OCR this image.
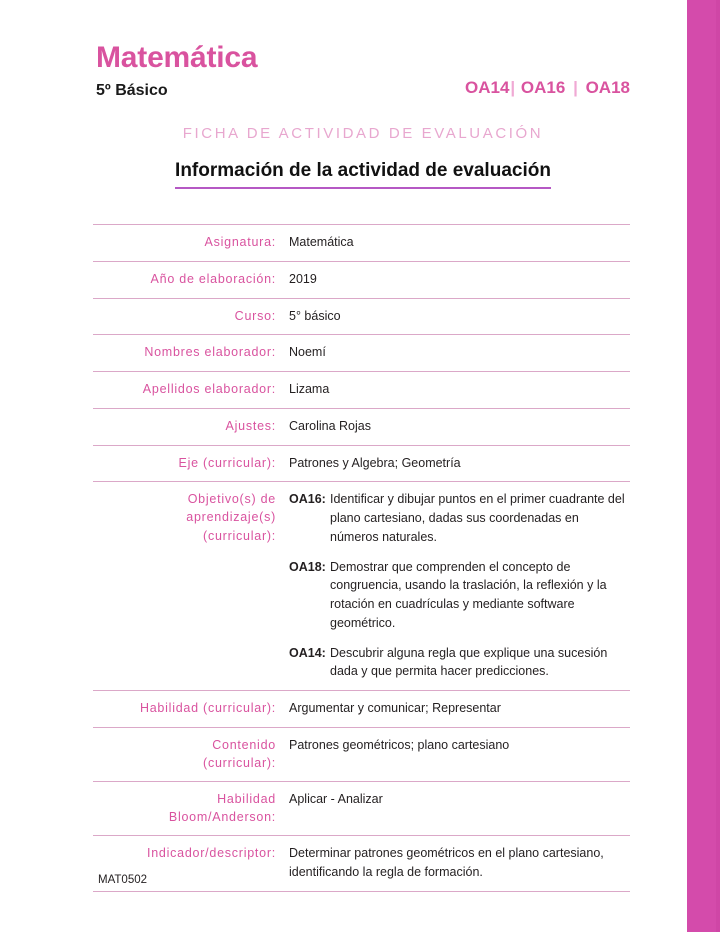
Matemática
5º Básico	OA14| OA16 | OA18
FICHA DE ACTIVIDAD DE EVALUACIÓN
Información de la actividad de evaluación
Asignatura:	Matemática
Año de elaboración:	2019
Curso:	5° básico
Nombres elaborador:	Noemí
Apellidos elaborador:	Lizama
Ajustes:	Carolina Rojas
Eje (curricular):	Patrones y Algebra; Geometría

Objetivo(s) de
aprendizaje(s)
(curricular):

OA16: Identificar y dibujar puntos en el primer cuadrante del plano cartesiano, dadas sus coordenadas en números naturales.
OA18: Demostrar que comprenden el concepto de congruencia, usando la traslación, la reflexión y la rotación en cuadrículas y mediante software geométrico.
OA14: Descubrir alguna regla que explique una sucesión dada y que permita hacer predicciones.

Habilidad (curricular):	Argumentar y comunicar; Representar

Contenido
(curricular):	Patrones geométricos; plano cartesiano

Habilidad
Bloom/Anderson:	Aplicar - Analizar
Indicador/descriptor:	Determinar patrones geométricos en el plano cartesiano, identificando la regla de formación.
MAT0502
